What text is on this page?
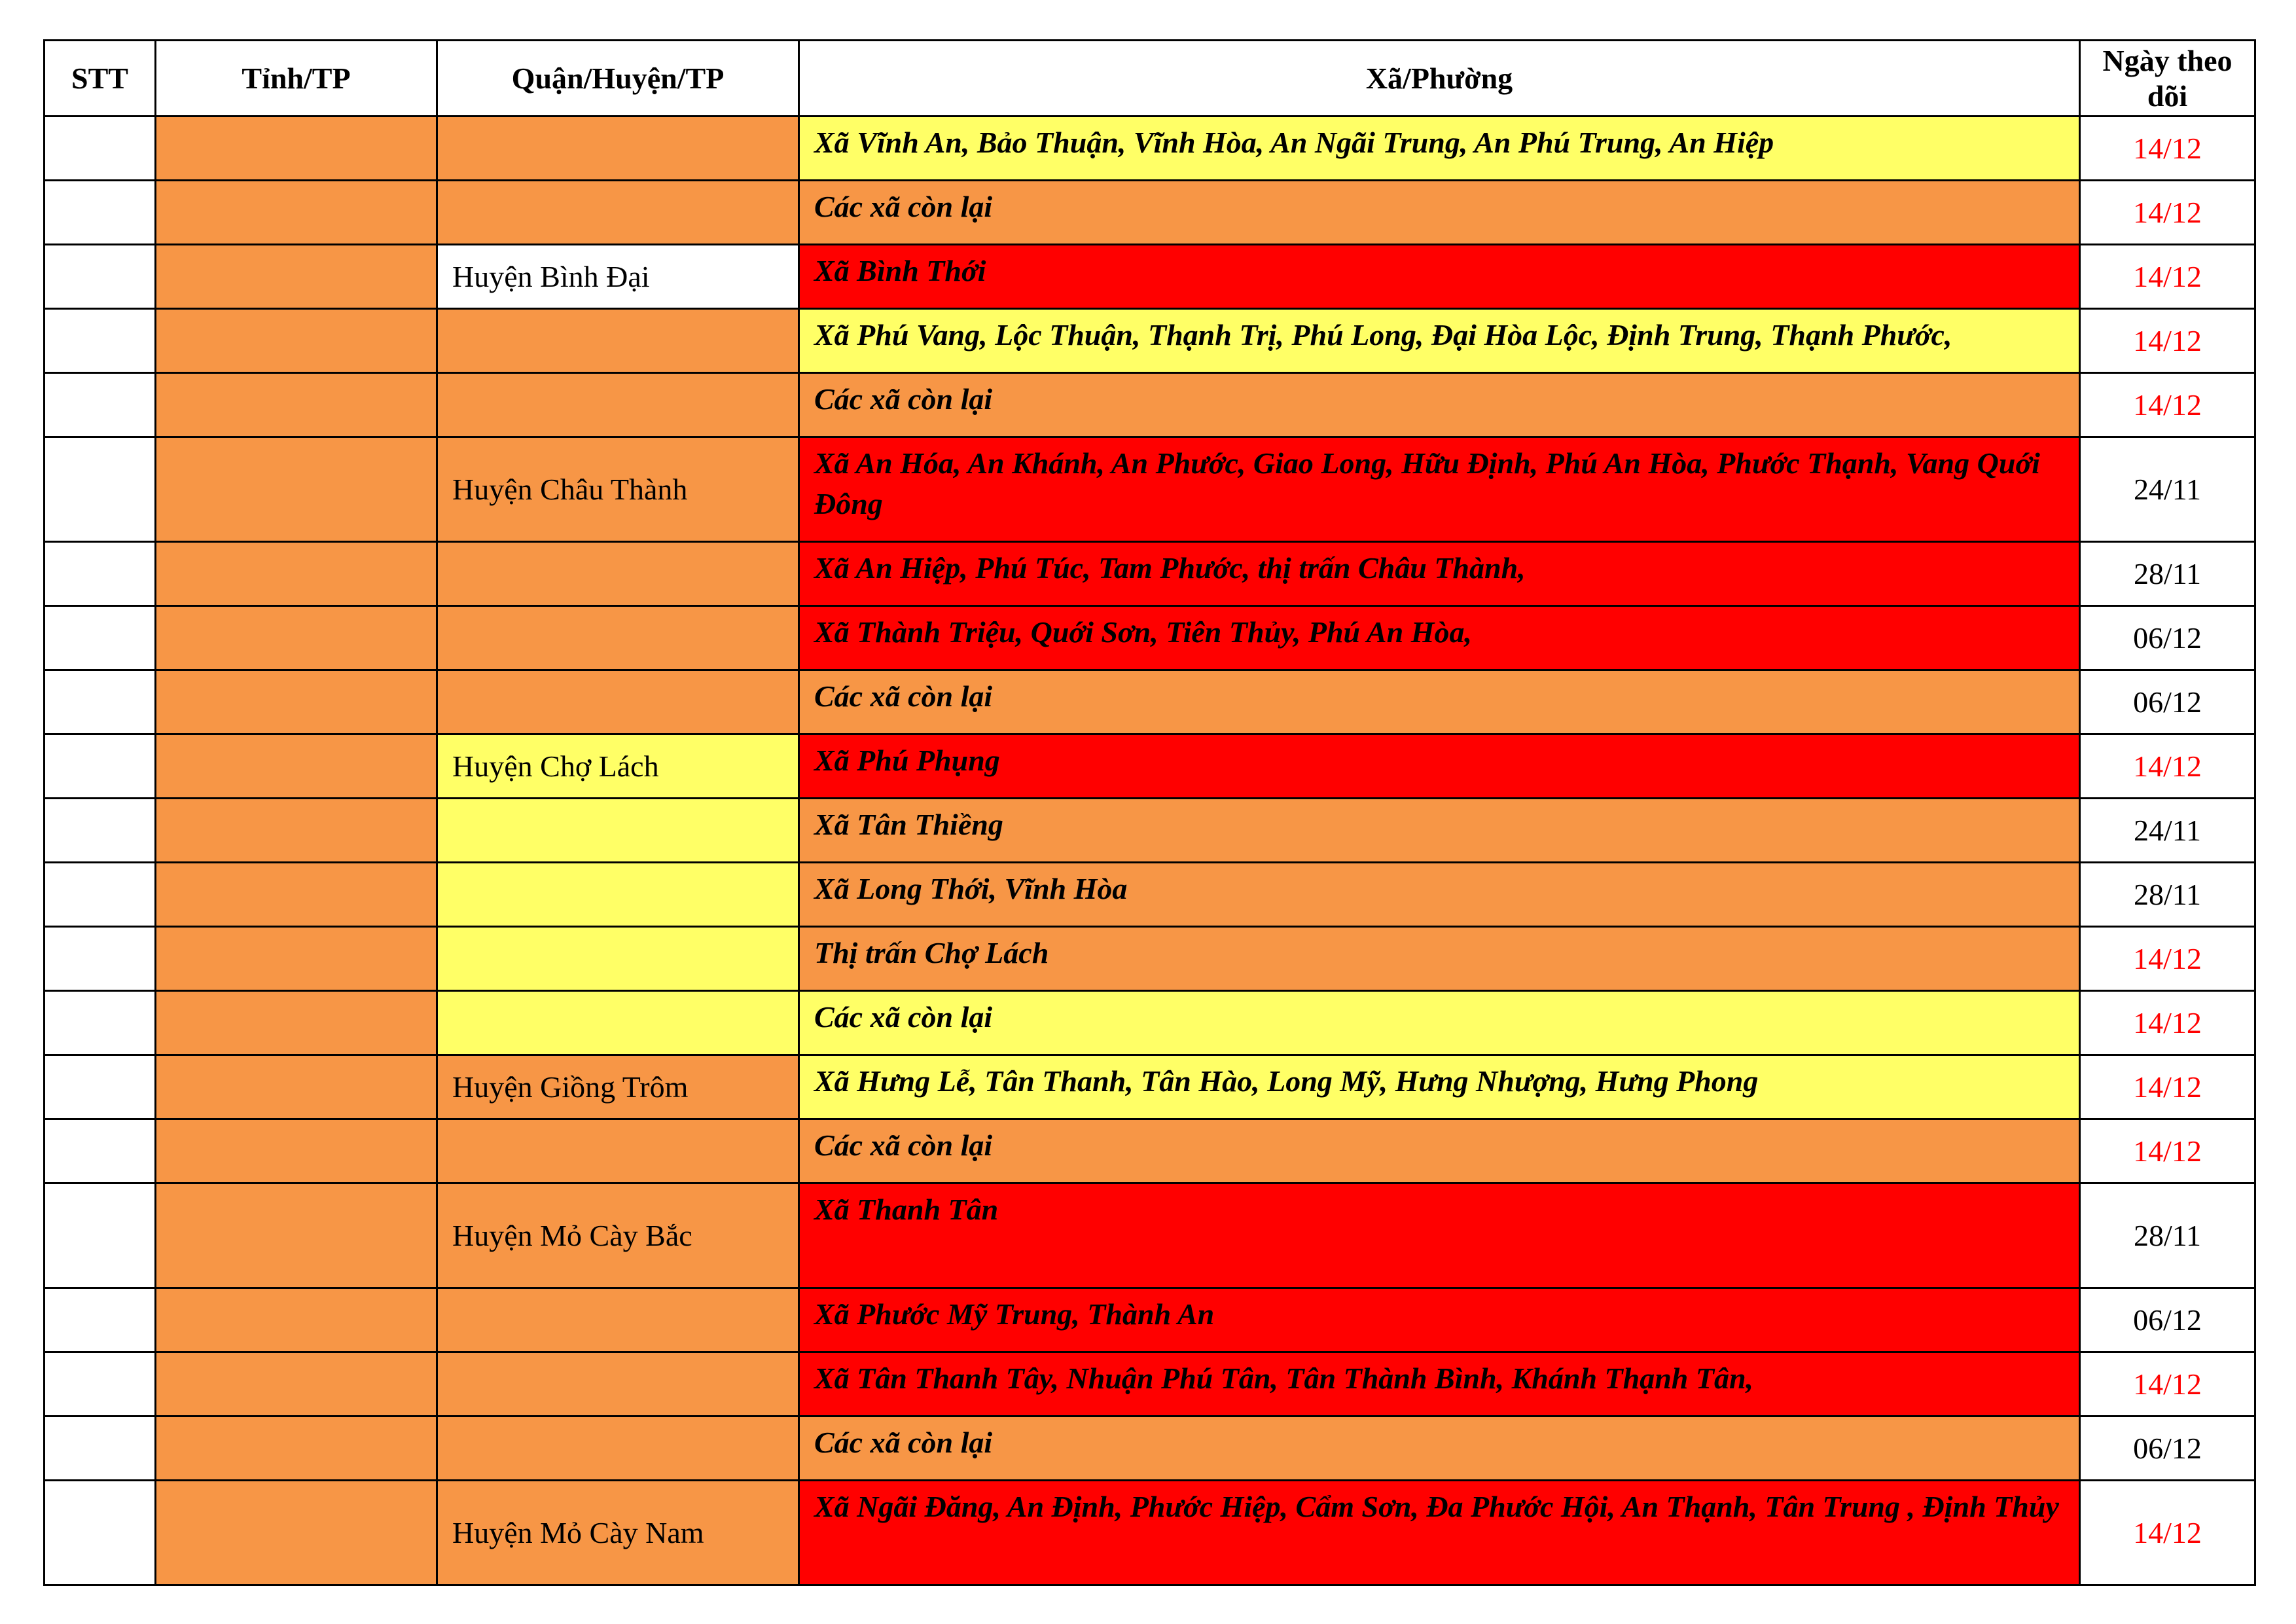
STT	Tỉnh/TP	Quận/Huyện/TP	Xã/Phường	Ngày theo dõi
			Xã Vĩnh An, Bảo Thuận, Vĩnh Hòa, An Ngãi Trung, An Phú Trung, An Hiệp	14/12
			Các xã còn lại	14/12
		Huyện Bình Đại	Xã Bình Thới	14/12
			Xã Phú Vang, Lộc Thuận, Thạnh Trị, Phú Long, Đại Hòa Lộc, Định Trung, Thạnh Phước,	14/12
			Các xã còn lại	14/12
		Huyện Châu Thành	Xã An Hóa, An Khánh, An Phước, Giao Long, Hữu Định, Phú An Hòa, Phước Thạnh, Vang Quới Đông	24/11
			Xã An Hiệp, Phú Túc, Tam Phước, thị trấn Châu Thành,	28/11
			Xã Thành Triệu, Quới Sơn, Tiên Thủy, Phú An Hòa,	06/12
			Các xã còn lại	06/12
		Huyện Chợ Lách	Xã Phú Phụng	14/12
			Xã Tân Thiềng	24/11
			Xã Long Thới, Vĩnh Hòa	28/11
			Thị trấn Chợ Lách	14/12
			Các xã còn lại	14/12
		Huyện Giồng Trôm	Xã Hưng Lễ, Tân Thanh, Tân Hào, Long Mỹ, Hưng Nhượng, Hưng Phong	14/12
			Các xã còn lại	14/12
		Huyện Mỏ Cày Bắc	Xã Thanh Tân	28/11
			Xã Phước Mỹ Trung, Thành An	06/12
			Xã Tân Thanh Tây, Nhuận Phú Tân, Tân Thành Bình, Khánh Thạnh Tân,	14/12
			Các xã còn lại	06/12
		Huyện Mỏ Cày Nam	Xã Ngãi Đăng, An Định, Phước Hiệp, Cẩm Sơn, Đa Phước Hội, An Thạnh, Tân Trung , Định Thủy	14/12
